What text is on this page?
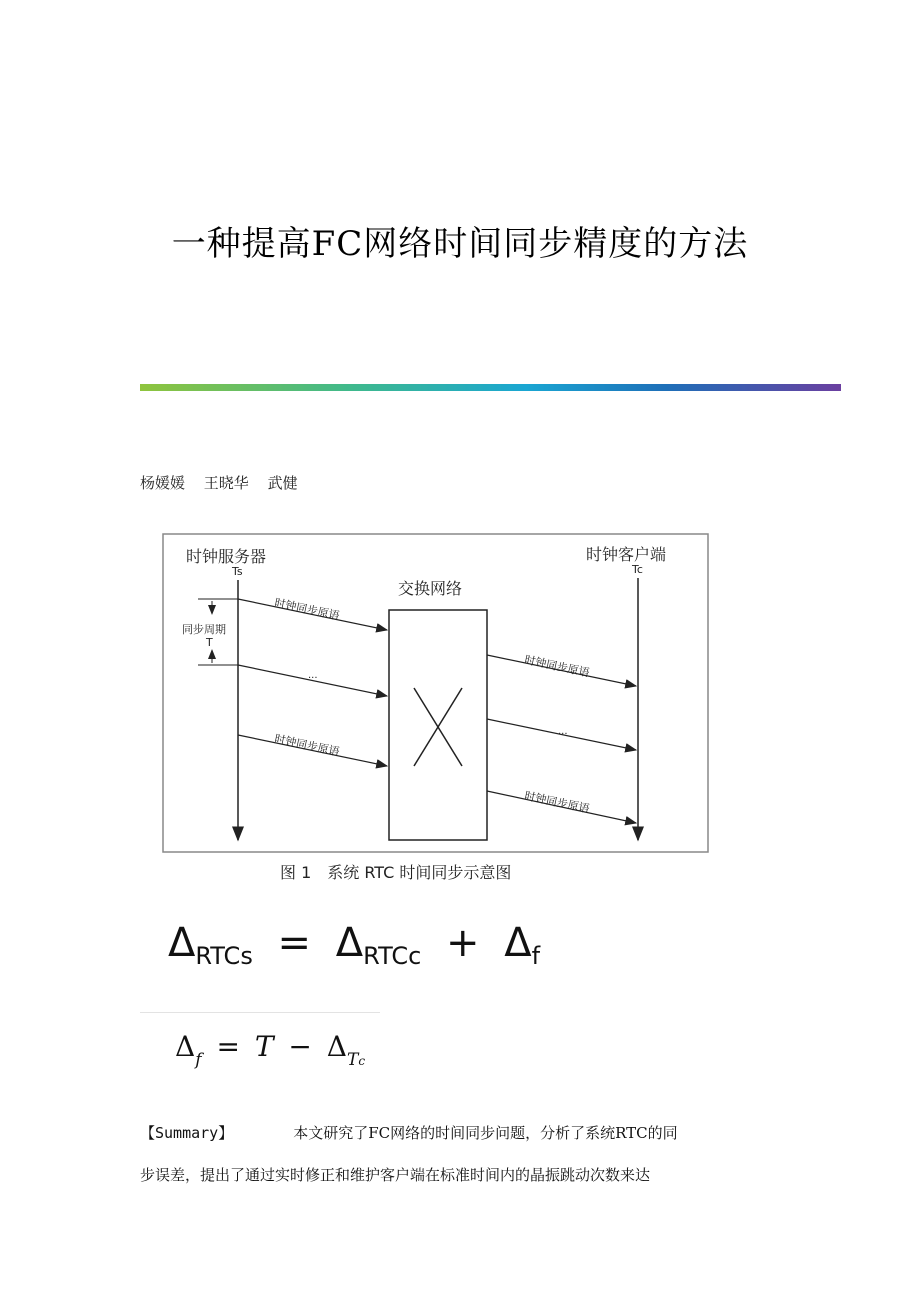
一种提高FC网络时间同步精度的方法
杨媛媛 王晓华 武健
时钟服务器
Ts
时钟客户端
Tc
交换网络
同步周期
T
时钟同步原语
...
时钟同步原语
时钟同步原语
...
时钟同步原语
图 1　系统 RTC 时间同步示意图
$\Delta_{RTCs} = \Delta_{RTCc} + \Delta_f$
$\Delta_f = T - \Delta_{Tc}$
【Summary】	本文研究了FC网络的时间同步问题，分析了系统RTC的同
步误差，提出了通过实时修正和维护客户端在标准时间内的晶振跳动次数来达
